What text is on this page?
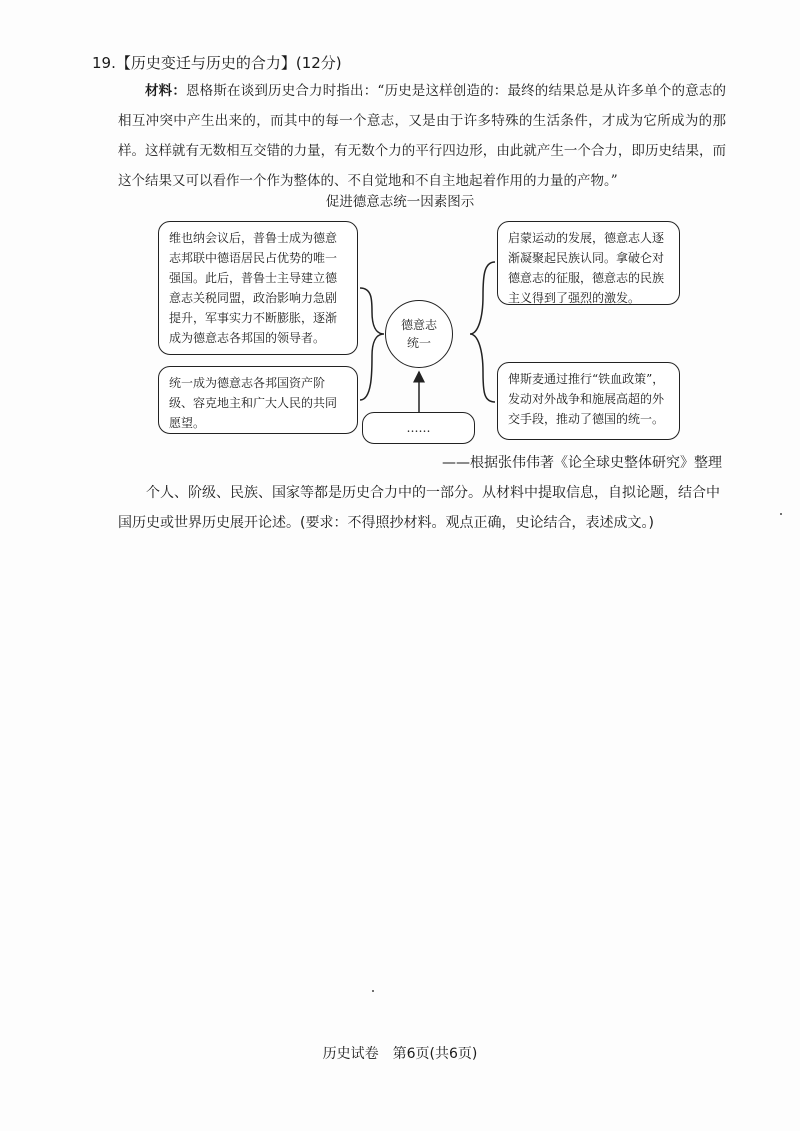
19.【历史变迁与历史的合力】(12分)

材料：恩格斯在谈到历史合力时指出：“历史是这样创造的：最终的结果总是从许多单个的意志的相互冲突中产生出来的，而其中的每一个意志，又是由于许多特殊的生活条件，才成为它所成为的那样。这样就有无数相互交错的力量，有无数个力的平行四边形，由此就产生一个合力，即历史结果，而这个结果又可以看作一个作为整体的、不自觉地和不自主地起着作用的力量的产物。”

促进德意志统一因素图示
维也纳会议后，普鲁士成为德意志邦联中德语居民占优势的唯一强国。此后，普鲁士主导建立德意志关税同盟，政治影响力急剧提升，军事实力不断膨胀，逐渐成为德意志各邦国的领导者。
统一成为德意志各邦国资产阶级、容克地主和广大人民的共同愿望。
启蒙运动的发展，德意志人逐渐凝聚起民族认同。拿破仑对德意志的征服，德意志的民族主义得到了强烈的激发。
俾斯麦通过推行“铁血政策”，发动对外战争和施展高超的外交手段，推动了德国的统一。
……
德意志
统一
——根据张伟伟著《论全球史整体研究》整理

个人、阶级、民族、国家等都是历史合力中的一部分。从材料中提取信息，自拟论题，结合中国历史或世界历史展开论述。(要求：不得照抄材料。观点正确，史论结合，表述成文。)

历史试卷　第6页(共6页)
